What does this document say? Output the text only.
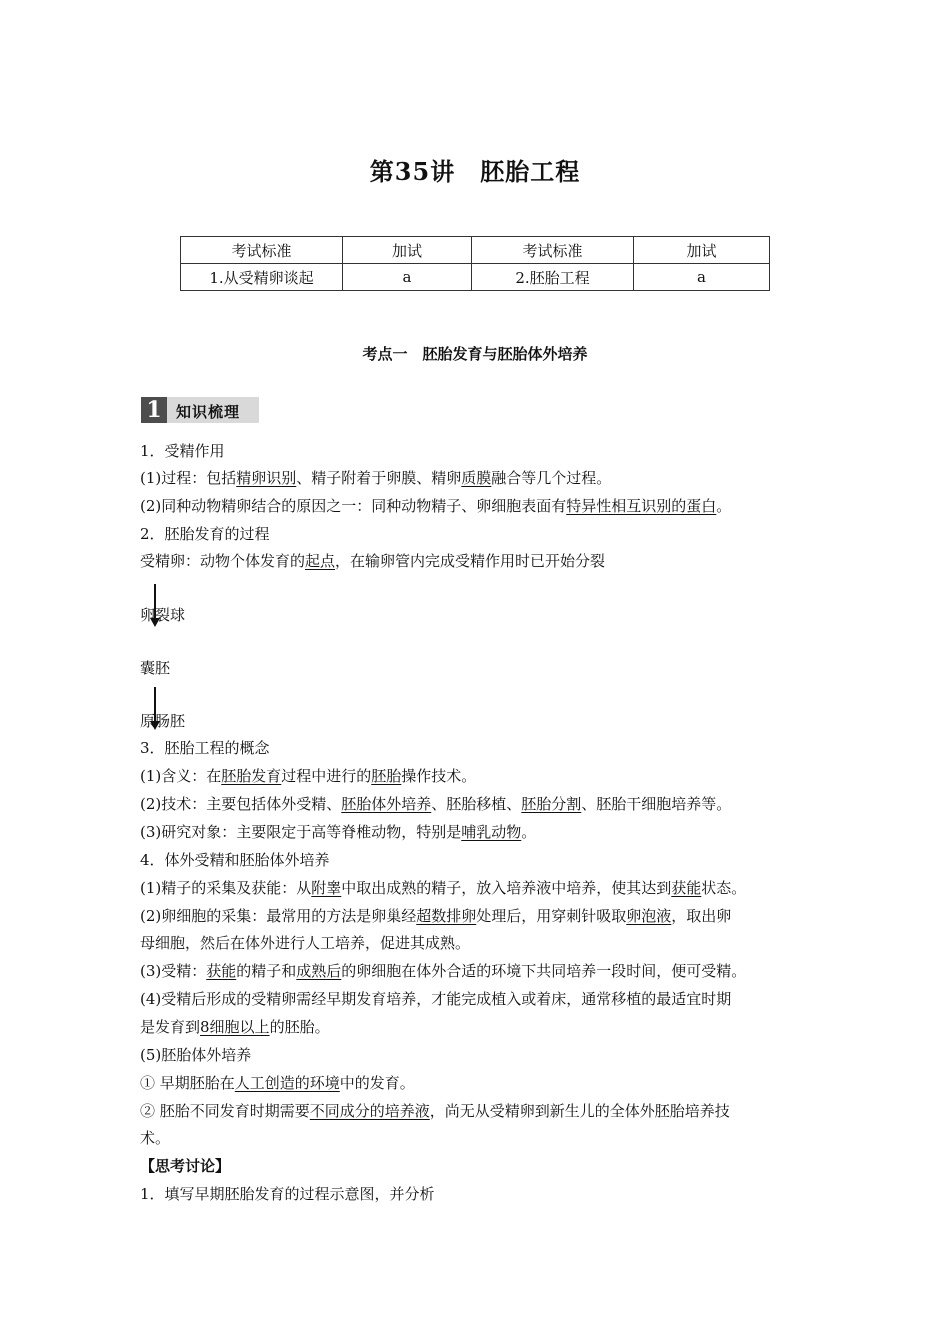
第35讲　胚胎工程
考试标准	加试	考试标准	加试
1.从受精卵谈起	a	2.胚胎工程	a
考点一　胚胎发育与胚胎体外培养
1 知识梳理
1．受精作用
(1)过程：包括精卵识别、精子附着于卵膜、精卵质膜融合等几个过程。
(2)同种动物精卵结合的原因之一：同种动物精子、卵细胞表面有特异性相互识别的蛋白。
2．胚胎发育的过程
受精卵：动物个体发育的起点，在输卵管内完成受精作用时已开始分裂
卵裂球
囊胚
原肠胚
3．胚胎工程的概念
(1)含义：在胚胎发育过程中进行的胚胎操作技术。
(2)技术：主要包括体外受精、胚胎体外培养、胚胎移植、胚胎分割、胚胎干细胞培养等。
(3)研究对象：主要限定于高等脊椎动物，特别是哺乳动物。
4．体外受精和胚胎体外培养
(1)精子的采集及获能：从附睾中取出成熟的精子，放入培养液中培养，使其达到获能状态。
(2)卵细胞的采集：最常用的方法是卵巢经超数排卵处理后，用穿刺针吸取卵泡液，取出卵
母细胞，然后在体外进行人工培养，促进其成熟。
(3)受精：获能的精子和成熟后的卵细胞在体外合适的环境下共同培养一段时间，便可受精。
(4)受精后形成的受精卵需经早期发育培养，才能完成植入或着床，通常移植的最适宜时期
是发育到8细胞以上的胚胎。
(5)胚胎体外培养
① 早期胚胎在人工创造的环境中的发育。
② 胚胎不同发育时期需要不同成分的培养液，尚无从受精卵到新生儿的全体外胚胎培养技
术。
【思考讨论】
1．填写早期胚胎发育的过程示意图，并分析
